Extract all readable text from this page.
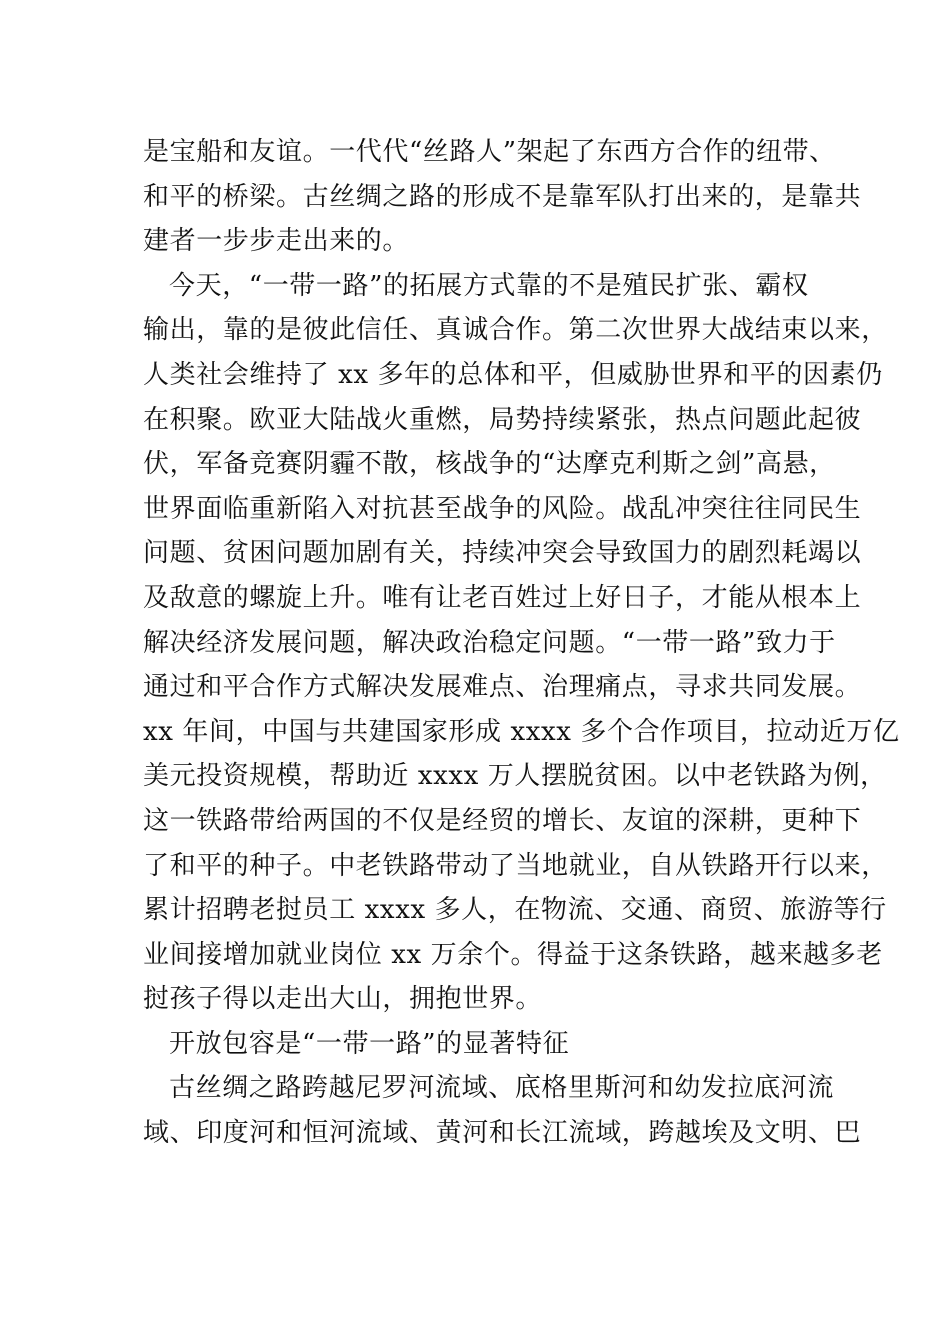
是宝船和友谊。一代代“丝路人”架起了东西方合作的纽带、
和平的桥梁。古丝绸之路的形成不是靠军队打出来的，是靠共
建者一步步走出来的。
今天，“一带一路”的拓展方式靠的不是殖民扩张、霸权
输出，靠的是彼此信任、真诚合作。第二次世界大战结束以来，
人类社会维持了 xx 多年的总体和平，但威胁世界和平的因素仍
在积聚。欧亚大陆战火重燃，局势持续紧张，热点问题此起彼
伏，军备竞赛阴霾不散，核战争的“达摩克利斯之剑”高悬，
世界面临重新陷入对抗甚至战争的风险。战乱冲突往往同民生
问题、贫困问题加剧有关，持续冲突会导致国力的剧烈耗竭以
及敌意的螺旋上升。唯有让老百姓过上好日子，才能从根本上
解决经济发展问题，解决政治稳定问题。“一带一路”致力于
通过和平合作方式解决发展难点、治理痛点，寻求共同发展。
xx 年间，中国与共建国家形成 xxxx 多个合作项目，拉动近万亿
美元投资规模，帮助近 xxxx 万人摆脱贫困。以中老铁路为例，
这一铁路带给两国的不仅是经贸的增长、友谊的深耕，更种下
了和平的种子。中老铁路带动了当地就业，自从铁路开行以来，
累计招聘老挝员工 xxxx 多人，在物流、交通、商贸、旅游等行
业间接增加就业岗位 xx 万余个。得益于这条铁路，越来越多老
挝孩子得以走出大山，拥抱世界。
开放包容是“一带一路”的显著特征
古丝绸之路跨越尼罗河流域、底格里斯河和幼发拉底河流
域、印度河和恒河流域、黄河和长江流域，跨越埃及文明、巴
